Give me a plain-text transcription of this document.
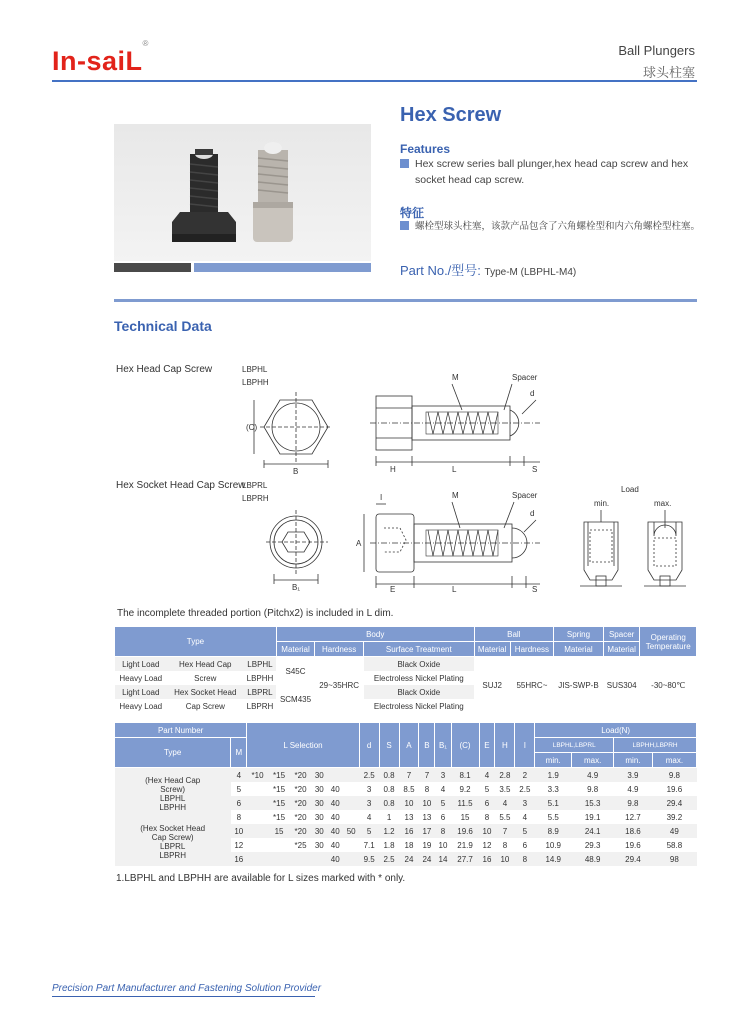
In-saiL®	Ball Plungers
球头柱塞
Hex Screw
Features
Hex screw series ball plunger,hex head cap screw and hex
socket head cap screw.
特征
螺栓型球头柱塞，该款产品包含了六角螺栓型和内六角螺栓型柱塞。
Part No./型号: Type-M (LBPHL-M4)
Technical Data
Hex Head Cap Screw	LBPHL
LBPHH
Hex Socket Head Cap Screw
LBPRL
LBPRH
(C)
B	H	L	S
M	Spacer
d
A
B₁	E	L	S
I	M	Spacer
d
Load
min.	max.
The incomplete threaded portion (Pitchx2) is included in L dim.
Type			Body			Ball		Spring	Spacer	Operating
Temperature
			Material	Hardness	Surface Treatment	Material	Hardness	Material	Material	
Light Load	Hex Head Cap	LBPHL	S45C	29~35HRC	Black Oxide	SUJ2	55HRC~	JIS-SWP-B	SUS304	-30~80℃
Heavy Load	Screw	LBPHH			Electroless Nickel Plating					
Light Load	Hex Socket Head	LBPRL	SCM435		Black Oxide					
Heavy Load	Cap Screw	LBPRH			Electroless Nickel Plating					
Part Number		L Selection						d	S	A	B	B₁	(C)	E	H	I	Load(N)			
Type	M																LBPHL,LBPRL		LBPHH,LBPRH	
																	min.	max.	min.	max.

(Hex Head Cap
Screw)
LBPHL
LBPHH	4	*10	*15	*20	30			2.5	0.8	7	7	3	8.1	4	2.8	2	1.9	4.9	3.9	9.8
	5		*15	*20	30	40		3	0.8	8.5	8	4	9.2	5	3.5	2.5	3.3	9.8	4.9	19.6
	6		*15	*20	30	40		3	0.8	10	10	5	11.5	6	4	3	5.1	15.3	9.8	29.4
	8		*15	*20	30	40		4	1	13	13	6	15	8	5.5	4	5.5	19.1	12.7	39.2

(Hex Socket Head
Cap Screw)
LBPRL
LBPRH	10		15	*20	30	40	50	5	1.2	16	17	8	19.6	10	7	5	8.9	24.1	18.6	49
	12			*25	30	40		7.1	1.8	18	19	10	21.9	12	8	6	10.9	29.3	19.6	58.8
	16					40		9.5	2.5	24	24	14	27.7	16	10	8	14.9	48.9	29.4	98
1.LBPHL and LBPHH are available for L sizes marked with * only.
Precision Part Manufacturer and Fastening Solution Provider
